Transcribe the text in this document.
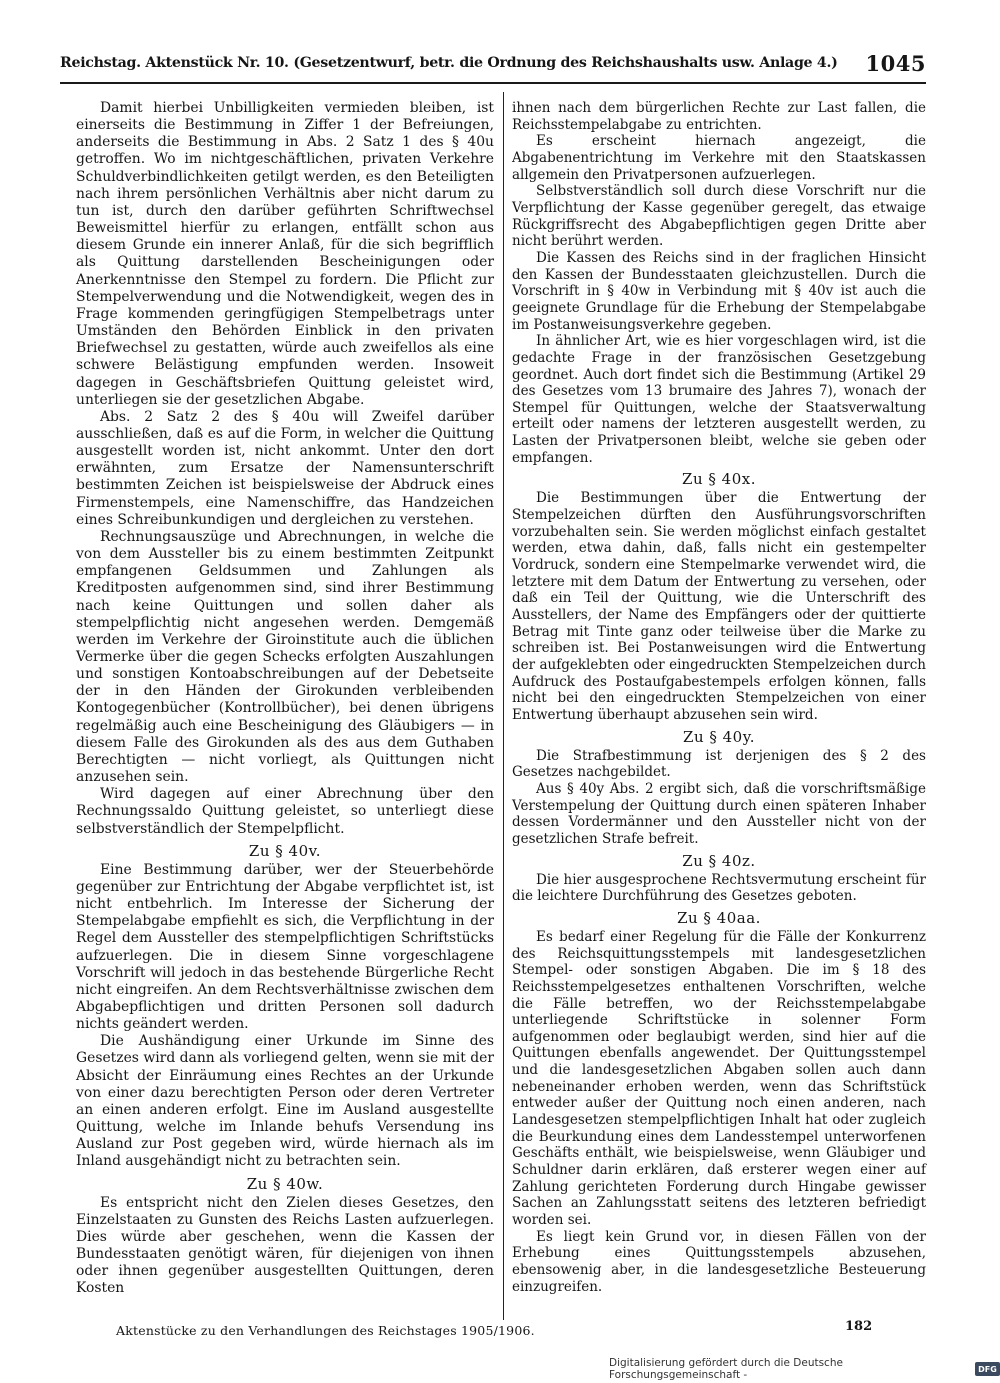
Reichstag. Aktenstück Nr. 10. (Gesetzentwurf, betr. die Ordnung des Reichshaushalts usw. Anlage 4.) 1045

Damit hierbei Unbilligkeiten vermieden bleiben, ist einerseits die Bestimmung in Ziffer 1 der Befreiungen, anderseits die Bestimmung in Abs. 2 Satz 1 des § 40u getroffen. Wo im nichtgeschäftlichen, privaten Verkehre Schuldverbindlichkeiten getilgt werden, es den Beteiligten nach ihrem persönlichen Verhältnis aber nicht darum zu tun ist, durch den darüber geführten Schriftwechsel Beweismittel hierfür zu erlangen, entfällt schon aus diesem Grunde ein innerer Anlaß, für die sich begrifflich als Quittung darstellenden Bescheinigungen oder Anerkenntnisse den Stempel zu fordern. Die Pflicht zur Stempelverwendung und die Notwendigkeit, wegen des in Frage kommenden geringfügigen Stempelbetrags unter Umständen den Behörden Einblick in den privaten Briefwechsel zu gestatten, würde auch zweifellos als eine schwere Belästigung empfunden werden. Insoweit dagegen in Geschäftsbriefen Quittung geleistet wird, unterliegen sie der gesetzlichen Abgabe.

Abs. 2 Satz 2 des § 40u will Zweifel darüber ausschließen, daß es auf die Form, in welcher die Quittung ausgestellt worden ist, nicht ankommt. Unter den dort erwähnten, zum Ersatze der Namensunterschrift bestimmten Zeichen ist beispielsweise der Abdruck eines Firmenstempels, eine Namenschiffre, das Handzeichen eines Schreibunkundigen und dergleichen zu verstehen.

Rechnungsauszüge und Abrechnungen, in welche die von dem Aussteller bis zu einem bestimmten Zeitpunkt empfangenen Geldsummen und Zahlungen als Kreditposten aufgenommen sind, sind ihrer Bestimmung nach keine Quittungen und sollen daher als stempelpflichtig nicht angesehen werden. Demgemäß werden im Verkehre der Giroinstitute auch die üblichen Vermerke über die gegen Schecks erfolgten Auszahlungen und sonstigen Kontoabschreibungen auf der Debetseite der in den Händen der Girokunden verbleibenden Kontogegenbücher (Kontrollbücher), bei denen übrigens regelmäßig auch eine Bescheinigung des Gläubigers — in diesem Falle des Girokunden als des aus dem Guthaben Berechtigten — nicht vorliegt, als Quittungen nicht anzusehen sein.

Wird dagegen auf einer Abrechnung über den Rechnungssaldo Quittung geleistet, so unterliegt diese selbstverständlich der Stempelpflicht.

Zu § 40v.

Eine Bestimmung darüber, wer der Steuerbehörde gegenüber zur Entrichtung der Abgabe verpflichtet ist, ist nicht entbehrlich. Im Interesse der Sicherung der Stempelabgabe empfiehlt es sich, die Verpflichtung in der Regel dem Aussteller des stempelpflichtigen Schriftstücks aufzuerlegen. Die in diesem Sinne vorgeschlagene Vorschrift will jedoch in das bestehende Bürgerliche Recht nicht eingreifen. An dem Rechtsverhältnisse zwischen dem Abgabepflichtigen und dritten Personen soll dadurch nichts geändert werden.

Die Aushändigung einer Urkunde im Sinne des Gesetzes wird dann als vorliegend gelten, wenn sie mit der Absicht der Einräumung eines Rechtes an der Urkunde von einer dazu berechtigten Person oder deren Vertreter an einen anderen erfolgt. Eine im Ausland ausgestellte Quittung, welche im Inlande behufs Versendung ins Ausland zur Post gegeben wird, würde hiernach als im Inland ausgehändigt nicht zu betrachten sein.

Zu § 40w.

Es entspricht nicht den Zielen dieses Gesetzes, den Einzelstaaten zu Gunsten des Reichs Lasten aufzuerlegen. Dies würde aber geschehen, wenn die Kassen der Bundesstaaten genötigt wären, für diejenigen von ihnen oder ihnen gegenüber ausgestellten Quittungen, deren Kosten

ihnen nach dem bürgerlichen Rechte zur Last fallen, die Reichsstempelabgabe zu entrichten.

Es erscheint hiernach angezeigt, die Abgabenentrichtung im Verkehre mit den Staatskassen allgemein den Privatpersonen aufzuerlegen.

Selbstverständlich soll durch diese Vorschrift nur die Verpflichtung der Kasse gegenüber geregelt, das etwaige Rückgriffsrecht des Abgabepflichtigen gegen Dritte aber nicht berührt werden.

Die Kassen des Reichs sind in der fraglichen Hinsicht den Kassen der Bundesstaaten gleichzustellen. Durch die Vorschrift in § 40w in Verbindung mit § 40v ist auch die geeignete Grundlage für die Erhebung der Stempelabgabe im Postanweisungsverkehre gegeben.

In ähnlicher Art, wie es hier vorgeschlagen wird, ist die gedachte Frage in der französischen Gesetzgebung geordnet. Auch dort findet sich die Bestimmung (Artikel 29 des Gesetzes vom 13 brumaire des Jahres 7), wonach der Stempel für Quittungen, welche der Staatsverwaltung erteilt oder namens der letzteren ausgestellt werden, zu Lasten der Privatpersonen bleibt, welche sie geben oder empfangen.

Zu § 40x.

Die Bestimmungen über die Entwertung der Stempelzeichen dürften den Ausführungsvorschriften vorzubehalten sein. Sie werden möglichst einfach gestaltet werden, etwa dahin, daß, falls nicht ein gestempelter Vordruck, sondern eine Stempelmarke verwendet wird, die letztere mit dem Datum der Entwertung zu versehen, oder daß ein Teil der Quittung, wie die Unterschrift des Ausstellers, der Name des Empfängers oder der quittierte Betrag mit Tinte ganz oder teilweise über die Marke zu schreiben ist. Bei Postanweisungen wird die Entwertung der aufgeklebten oder eingedruckten Stempelzeichen durch Aufdruck des Postaufgabestempels erfolgen können, falls nicht bei den eingedruckten Stempelzeichen von einer Entwertung überhaupt abzusehen sein wird.

Zu § 40y.

Die Strafbestimmung ist derjenigen des § 2 des Gesetzes nachgebildet.

Aus § 40y Abs. 2 ergibt sich, daß die vorschriftsmäßige Verstempelung der Quittung durch einen späteren Inhaber dessen Vordermänner und den Aussteller nicht von der gesetzlichen Strafe befreit.

Zu § 40z.

Die hier ausgesprochene Rechtsvermutung erscheint für die leichtere Durchführung des Gesetzes geboten.

Zu § 40aa.

Es bedarf einer Regelung für die Fälle der Konkurrenz des Reichsquittungsstempels mit landesgesetzlichen Stempel- oder sonstigen Abgaben. Die im § 18 des Reichsstempelgesetzes enthaltenen Vorschriften, welche die Fälle betreffen, wo der Reichsstempelabgabe unterliegende Schriftstücke in solenner Form aufgenommen oder beglaubigt werden, sind hier auf die Quittungen ebenfalls angewendet. Der Quittungsstempel und die landesgesetzlichen Abgaben sollen auch dann nebeneinander erhoben werden, wenn das Schriftstück entweder außer der Quittung noch einen anderen, nach Landesgesetzen stempelpflichtigen Inhalt hat oder zugleich die Beurkundung eines dem Landesstempel unterworfenen Geschäfts enthält, wie beispielsweise, wenn Gläubiger und Schuldner darin erklären, daß ersterer wegen einer auf Zahlung gerichteten Forderung durch Hingabe gewisser Sachen an Zahlungsstatt seitens des letzteren befriedigt worden sei.

Es liegt kein Grund vor, in diesen Fällen von der Erhebung eines Quittungsstempels abzusehen, ebensowenig aber, in die landesgesetzliche Besteuerung einzugreifen.

Aktenstücke zu den Verhandlungen des Reichstages 1905/1906.	182
Digitalisierung gefördert durch die Deutsche Forschungsgemeinschaft -	DFG
